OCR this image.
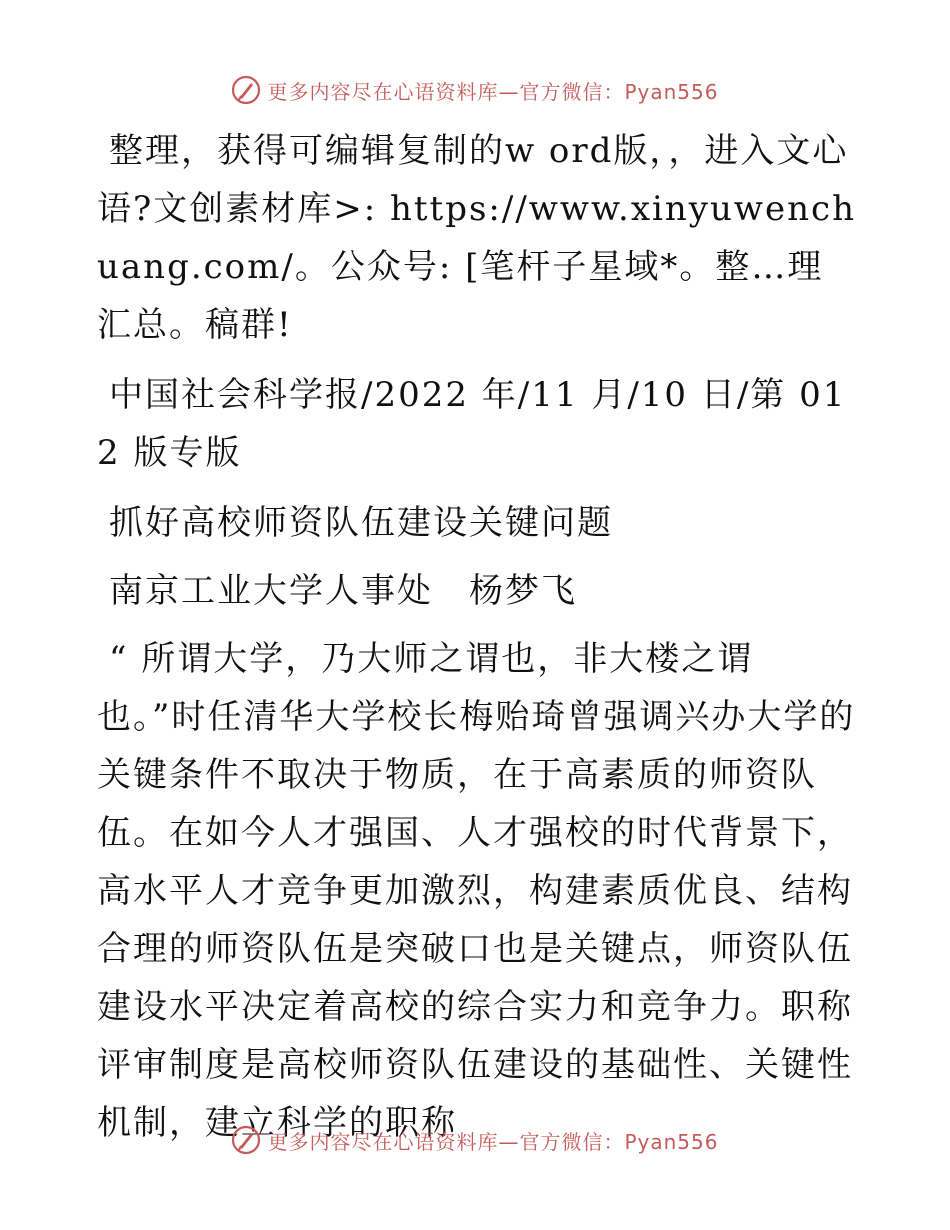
更多内容尽在心语资料库—官方微信：Pyan556

整理，获得可编辑复制的w ord版，，进入文心语?文创素材库>: https://www.xinyuwenchuang.com/。公众号: [笔杆子星域*。整…理汇总。稿群!

中国社会科学报/2022 年/11 月/10 日/第 012 版专版

抓好高校师资队伍建设关键问题

南京工业大学人事处　杨梦飞

“ 所谓大学，乃大师之谓也，非大楼之谓也。”时任清华大学校长梅贻琦曾强调兴办大学的关键条件不取决于物质，在于高素质的师资队伍。在如今人才强国、人才强校的时代背景下，高水平人才竞争更加激烈，构建素质优良、结构合理的师资队伍是突破口也是关键点，师资队伍建设水平决定着高校的综合实力和竞争力。职称评审制度是高校师资队伍建设的基础性、关键性机制，建立科学的职称

更多内容尽在心语资料库—官方微信：Pyan556
